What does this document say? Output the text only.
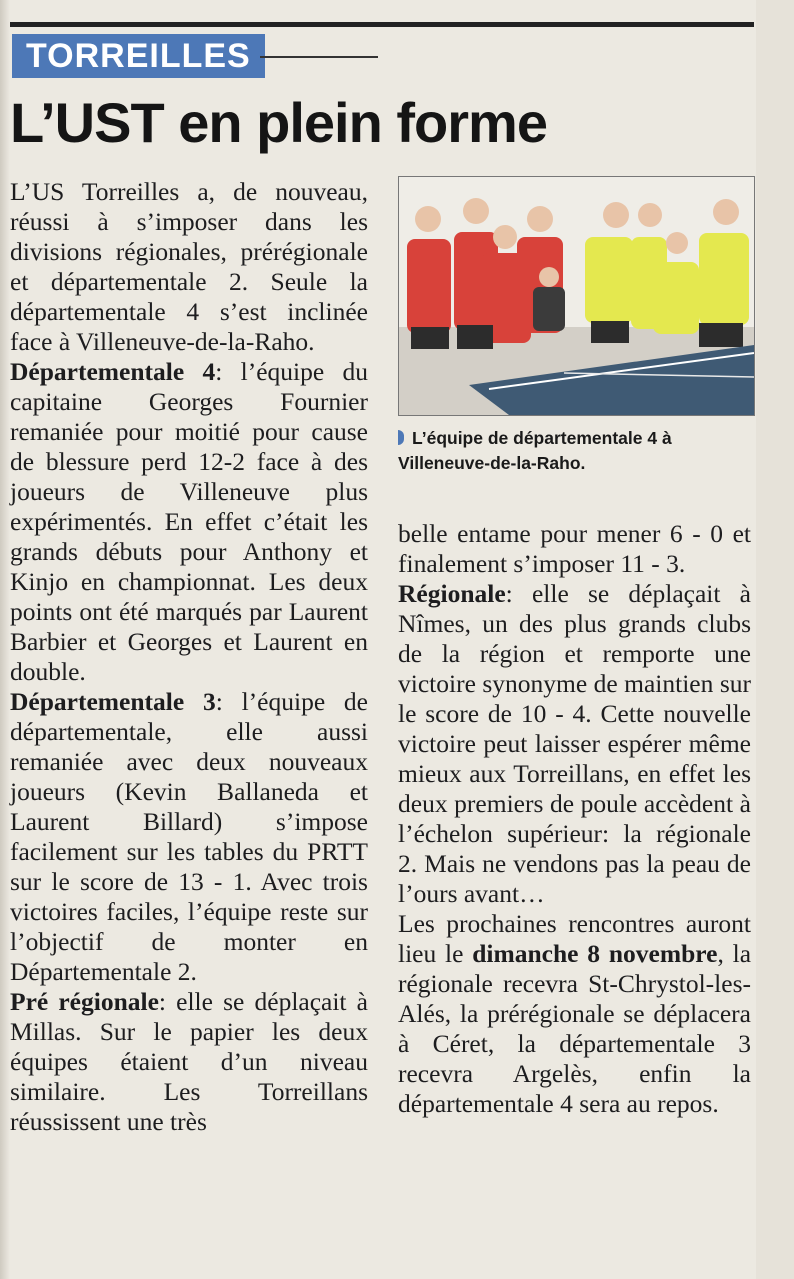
TORREILLES
L’UST en plein forme

L’US Torreilles a, de nouveau, réussi à s’imposer dans les divisions régionales, prérégionale et départementale 2. Seule la départementale 4 s’est inclinée face à Villeneuve-de-la-Raho.

Départementale 4: l’équipe du capitaine Georges Fournier remaniée pour moitié pour cause de blessure perd 12-2 face à des joueurs de Villeneuve plus expérimentés. En effet c’était les grands débuts pour Anthony et Kinjo en championnat. Les deux points ont été marqués par Laurent Barbier et Georges et Laurent en double.

Départementale 3: l’équipe de départementale, elle aussi remaniée avec deux nouveaux joueurs (Kevin Ballaneda et Laurent Billard) s’impose facilement sur les tables du PRTT sur le score de 13 - 1. Avec trois victoires faciles, l’équipe reste sur l’objectif de monter en Départementale 2.

Pré régionale: elle se déplaçait à Millas. Sur le papier les deux équipes étaient d’un niveau similaire. Les Torreillans réussissent une très

L’équipe de départementale 4 à Villeneuve-de-la-Raho.

belle entame pour mener 6 - 0 et finalement s’imposer 11 - 3.

Régionale: elle se déplaçait à Nîmes, un des plus grands clubs de la région et remporte une victoire synonyme de maintien sur le score de 10 - 4. Cette nouvelle victoire peut laisser espérer même mieux aux Torreillans, en effet les deux premiers de poule accèdent à l’échelon supérieur: la régionale 2. Mais ne vendons pas la peau de l’ours avant…

Les prochaines rencontres auront lieu le dimanche 8 novembre, la régionale recevra St-Chrystol-les-Alés, la prérégionale se déplacera à Céret, la départementale 3 recevra Argelès, enfin la départementale 4 sera au repos.
